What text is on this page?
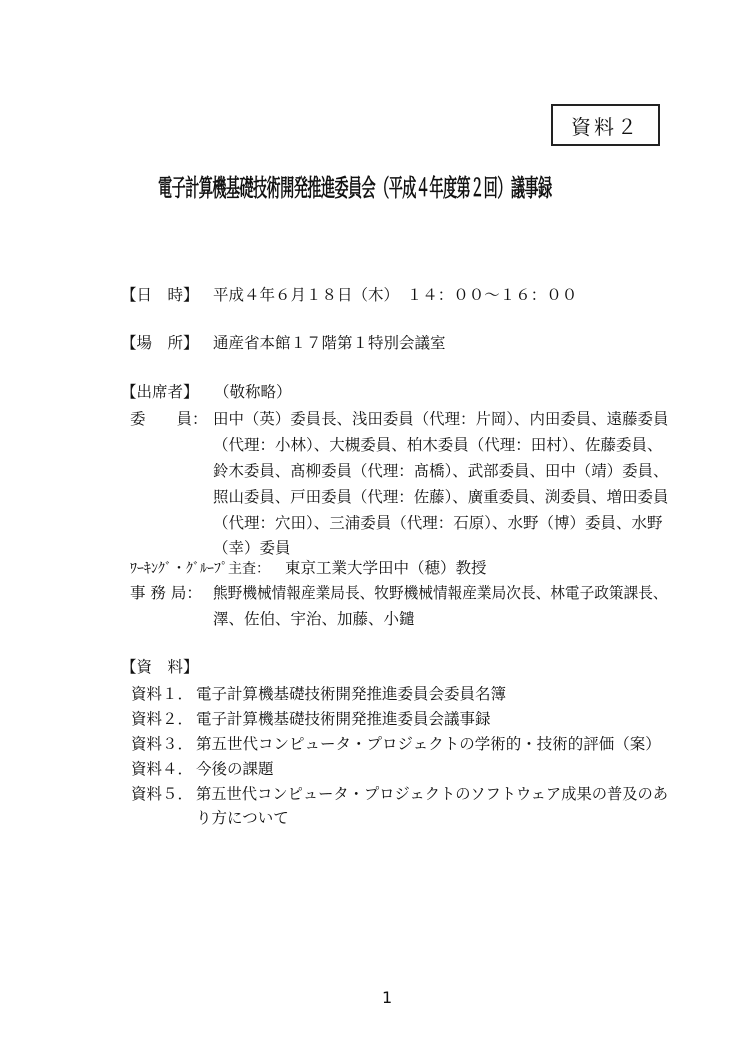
資料２
電子計算機基礎技術開発推進委員会（平成４年度第２回）議事録
【日　時】 平成４年６月１８日（木）　１４：００～１６：００
【場　所】 通産省本館１７階第１特別会議室
【出席者】 （敬称略）
委　　員： 田中（英）委員長、浅田委員（代理：片岡）、内田委員、遠藤委員
（代理：小林）、大槻委員、柏木委員（代理：田村）、佐藤委員、
鈴木委員、髙柳委員（代理：髙橋）、武部委員、田中（靖）委員、
照山委員、戸田委員（代理：佐藤）、廣重委員、渕委員、増田委員
（代理：穴田）、三浦委員（代理：石原）、水野（博）委員、水野
（幸）委員
ﾜｰｷﾝｸﾞ・ｸﾞﾙｰﾌﾟ主査： 東京工業大学田中（穂）教授
事 務 局： 熊野機械情報産業局長、牧野機械情報産業局次長、林電子政策課長、
澤、佐伯、宇治、加藤、小鑓
【資　料】
資料１． 電子計算機基礎技術開発推進委員会委員名簿
資料２． 電子計算機基礎技術開発推進委員会議事録
資料３． 第五世代コンピュータ・プロジェクトの学術的・技術的評価（案）
資料４． 今後の課題
資料５． 第五世代コンピュータ・プロジェクトのソフトウェア成果の普及のあ
り方について
1
